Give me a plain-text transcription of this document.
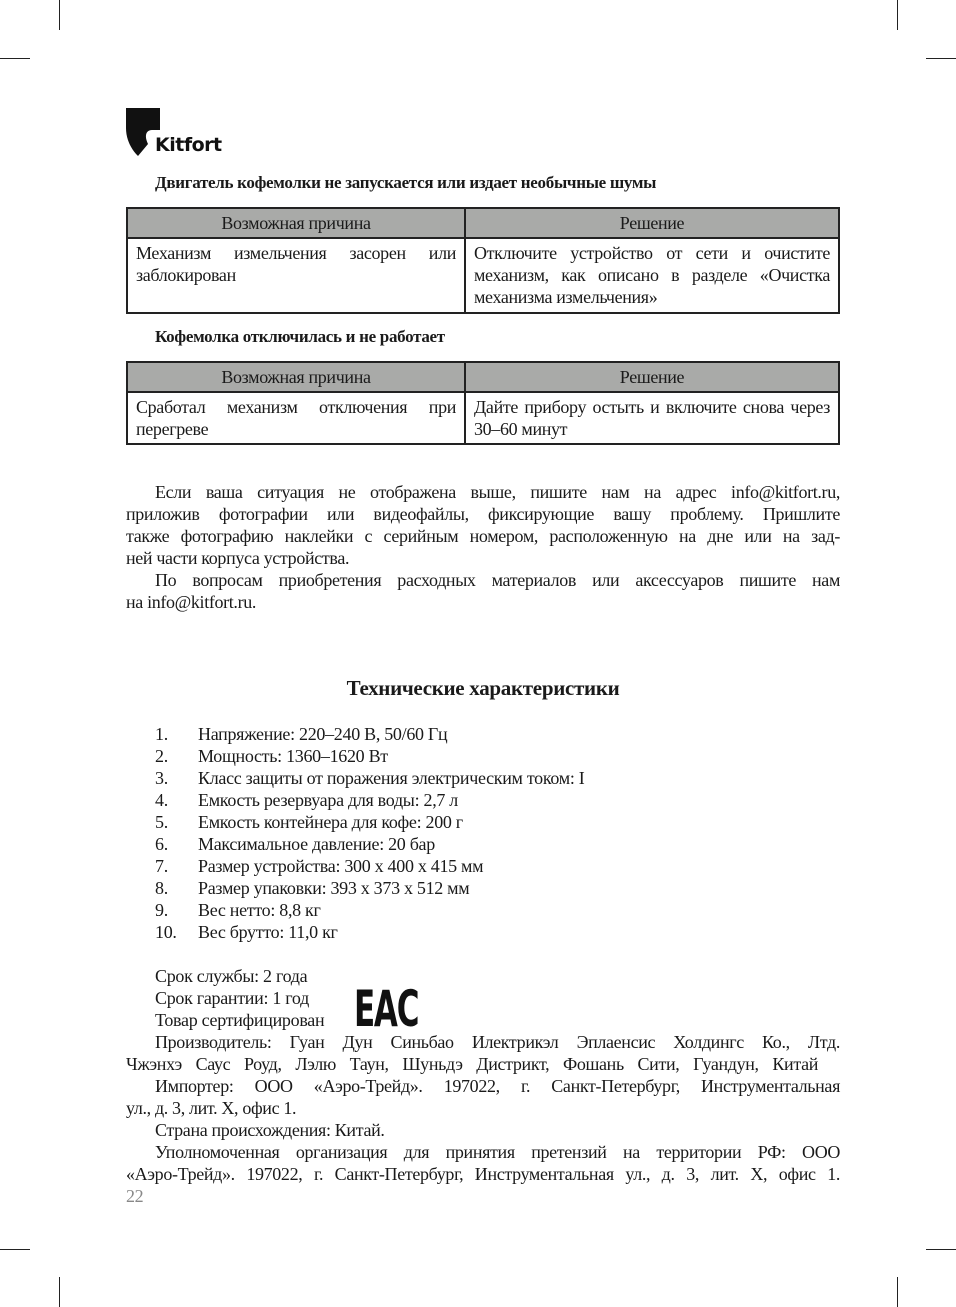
Kitfort
Двигатель кофемолки не запускается или издает необычные шумы
Возможная причина	Решение
Механизм измельчения засорен или заблокирован	Отключите устройство от сети и очистите механизм, как описано в разделе «Очистка механизма измельчения»
Кофемолка отключилась и не работает
Возможная причина	Решение
Сработал механизм отключения при перегреве	Дайте прибору остыть и включите снова через 30–60 минут
Если ваша ситуация не отображена выше, пишите нам на адрес info@kitfort.ru,
приложив фотографии или видеофайлы, фиксирующие вашу проблему. Пришлите
также фотографию наклейки с серийным номером, расположенную на дне или на зад-
ней части корпуса устройства.
По вопросам приобретения расходных материалов или аксессуаров пишите нам
на info@kitfort.ru.
Технические характеристики
1. Напряжение: 220–240 В, 50/60 Гц
2. Мощность: 1360–1620 Вт
3. Класс защиты от поражения электрическим током: I
4. Емкость резервуара для воды: 2,7 л
5. Емкость контейнера для кофе: 200 г
6. Максимальное давление: 20 бар
7. Размер устройства: 300 х 400 х 415 мм
8. Размер упаковки: 393 х 373 х 512 мм
9. Вес нетто: 8,8 кг
10. Вес брутто: 11,0 кг
Срок службы: 2 года
Срок гарантии: 1 год
Товар сертифицирован EAC
Производитель: Гуан Дун Синьбао Илектрикэл Эплаенсис Холдингс Ко., Лтд.
Чжэнхэ Саус Роуд, Лэлю Таун, Шуньдэ Дистрикт, Фошань Сити, Гуандун, Китай
Импортер: ООО «Аэро-Трейд». 197022, г. Санкт-Петербург, Инструментальная
ул., д. 3, лит. Х, офис 1.
Страна происхождения: Китай.
Уполномоченная организация для принятия претензий на территории РФ: ООО
«Аэро-Трейд». 197022, г. Санкт-Петербург, Инструментальная ул., д. 3, лит. Х, офис 1.
22
